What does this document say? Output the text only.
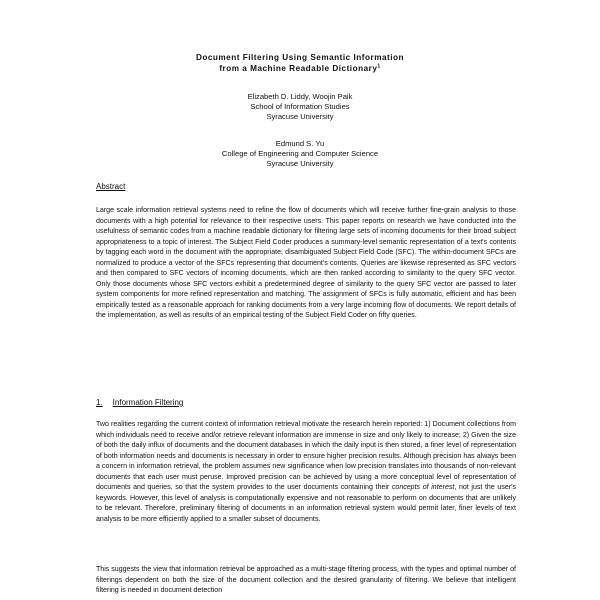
Document Filtering Using Semantic Information
from a Machine Readable Dictionary$^1$
Elizabeth D. Liddy, Woojin Paik
School of Information Studies
Syracuse University
Edmund S. Yu
College of Engineering and Computer Science
Syracuse University
Abstract

Large scale information retrieval systems need to refine the flow of documents which will receive further fine-grain analysis to those documents with a high potential for relevance to their respective users. This paper reports on research we have conducted into the usefulness of semantic codes from a machine readable dictionary for filtering large sets of incoming documents for their broad subject appropriateness to a topic of interest. The Subject Field Coder produces a summary-level semantic representation of a text's contents by tagging each word in the document with the appropriate, disambiguated Subject Field Code (SFC). The within-document SFCs are normalized to produce a vector of the SFCs representing that document's contents. Queries are likewise represented as SFC vectors and then compared to SFC vectors of incoming documents, which are then ranked according to similarity to the query SFC vector. Only those documents whose SFC vectors exhibit a predetermined degree of similarity to the query SFC vector are passed to later system components for more refined representation and matching. The assignment of SFCs is fully automatic, efficient and has been empirically tested as a reasonable approach for ranking documents from a very large incoming flow of documents. We report details of the implementation, as well as results of an empirical testing of the Subject Field Coder on fifty queries.

1. Information Filtering

Two realities regarding the current context of information retrieval motivate the research herein reported: 1) Document collections from which individuals need to receive and/or retrieve relevant information are immense in size and only likely to increase; 2) Given the size of both the daily influx of documents and the document databases in which the daily input is then stored, a finer level of representation of both information needs and documents is necessary in order to ensure higher precision results. Although precision has always been a concern in information retrieval, the problem assumes new significance when low precision translates into thousands of non-relevant documents that each user must peruse. Improved precision can be achieved by using a more conceptual level of representation of documents and queries, so that the system provides to the user documents containing their concepts of interest, not just the user's keywords. However, this level of analysis is computationally expensive and not reasonable to perform on documents that are unlikely to be relevant. Therefore, preliminary filtering of documents in an information retrieval system would permit later, finer levels of text analysis to be more efficiently applied to a smaller subset of documents.

This suggests the view that information retrieval be approached as a multi-stage filtering process, with the types and optimal number of filterings dependent on both the size of the document collection and the desired granularity of filtering. We believe that intelligent filtering is needed in document detection
